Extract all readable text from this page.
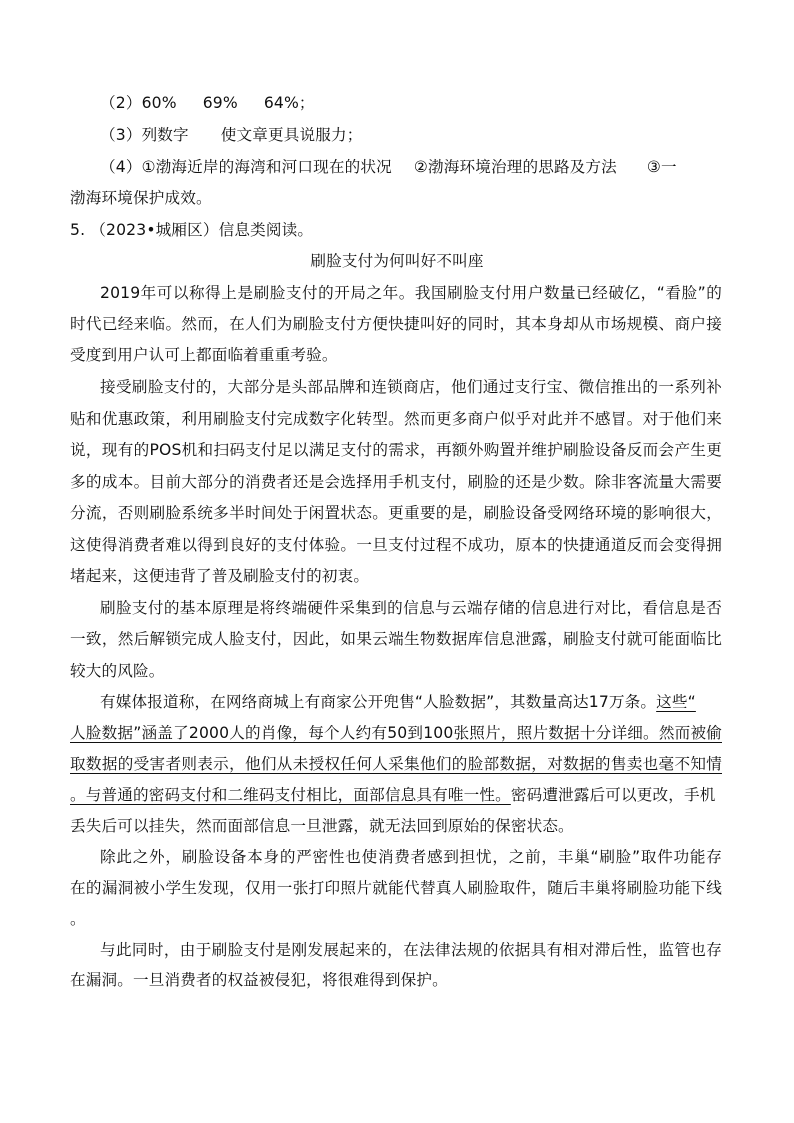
（2）60% 69% 64%；
（3）列数字 使文章更具说服力；
（4）①渤海近岸的海湾和河口现在的状况 ②渤海环境治理的思路及方法 ③一
渤海环境保护成效。
5. （2023•城厢区）信息类阅读。
刷脸支付为何叫好不叫座
2019年可以称得上是刷脸支付的开局之年。我国刷脸支付用户数量已经破亿，“看脸”的
时代已经来临。然而，在人们为刷脸支付方便快捷叫好的同时，其本身却从市场规模、商户接
受度到用户认可上都面临着重重考验。
接受刷脸支付的，大部分是头部品牌和连锁商店，他们通过支行宝、微信推出的一系列补
贴和优惠政策，利用刷脸支付完成数字化转型。然而更多商户似乎对此并不感冒。对于他们来
说，现有的POS机和扫码支付足以满足支付的需求，再额外购置并维护刷脸设备反而会产生更
多的成本。目前大部分的消费者还是会选择用手机支付，刷脸的还是少数。除非客流量大需要
分流，否则刷脸系统多半时间处于闲置状态。更重要的是，刷脸设备受网络环境的影响很大，
这使得消费者难以得到良好的支付体验。一旦支付过程不成功，原本的快捷通道反而会变得拥
堵起来，这便违背了普及刷脸支付的初衷。
刷脸支付的基本原理是将终端硬件采集到的信息与云端存储的信息进行对比，看信息是否
一致，然后解锁完成人脸支付，因此，如果云端生物数据库信息泄露，刷脸支付就可能面临比
较大的风险。
有媒体报道称，在网络商城上有商家公开兜售“人脸数据”，其数量高达17万条。这些“
人脸数据”涵盖了2000人的肖像，每个人约有50到100张照片，照片数据十分详细。然而被偷
取数据的受害者则表示，他们从未授权任何人采集他们的脸部数据，对数据的售卖也毫不知情
。与普通的密码支付和二维码支付相比，面部信息具有唯一性。密码遭泄露后可以更改，手机
丢失后可以挂失，然而面部信息一旦泄露，就无法回到原始的保密状态。
除此之外，刷脸设备本身的严密性也使消费者感到担忧，之前，丰巢“刷脸”取件功能存
在的漏洞被小学生发现，仅用一张打印照片就能代替真人刷脸取件，随后丰巢将刷脸功能下线
。
与此同时，由于刷脸支付是刚发展起来的，在法律法规的依据具有相对滞后性，监管也存
在漏洞。一旦消费者的权益被侵犯，将很难得到保护。
